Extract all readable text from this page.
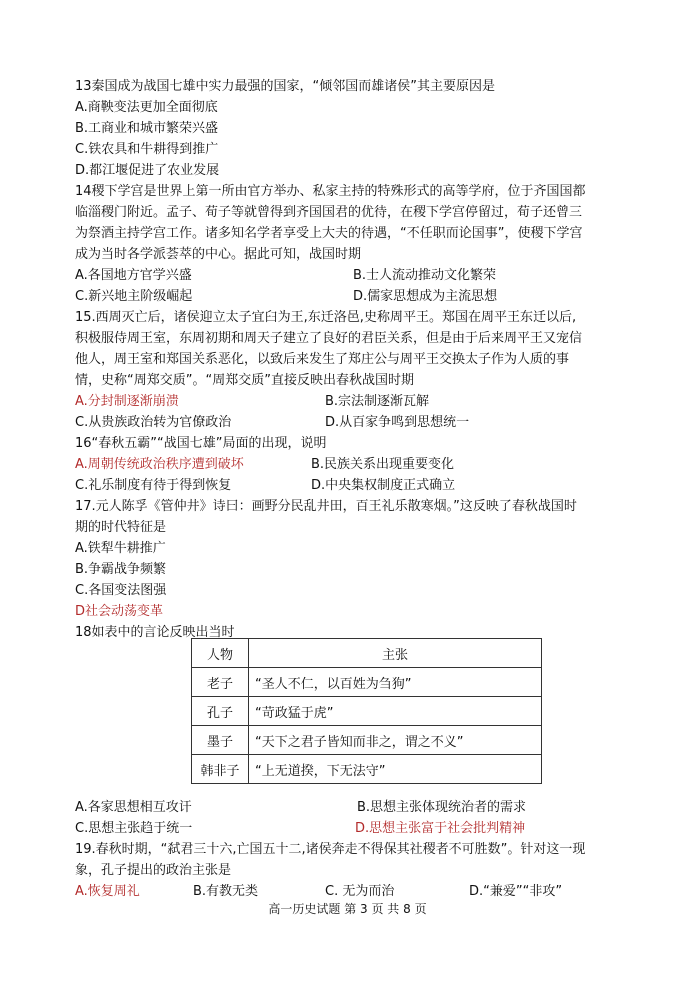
13秦国成为战国七雄中实力最强的国家，“倾邻国而雄诸侯”其主要原因是
A.商鞅变法更加全面彻底
B.工商业和城市繁荣兴盛
C.铁农具和牛耕得到推广
D.都江堰促进了农业发展
14稷下学宫是世界上第一所由官方举办、私家主持的特殊形式的高等学府，位于齐国国都
临淄稷门附近。孟子、荀子等就曾得到齐国国君的优待，在稷下学宫停留过，荀子还曾三
为祭酒主持学宫工作。诸多知名学者享受上大夫的待遇，“不任职而论国事”，使稷下学宫
成为当时各学派荟萃的中心。据此可知，战国时期
A.各国地方官学兴盛	B.士人流动推动文化繁荣
C.新兴地主阶级崛起	D.儒家思想成为主流思想
15.西周灭亡后，诸侯迎立太子宜臼为王,东迁洛邑,史称周平王。郑国在周平王东迁以后,
积极服侍周王室，东周初期和周天子建立了良好的君臣关系，但是由于后来周平王又宠信
他人，周王室和郑国关系恶化，以致后来发生了郑庄公与周平王交换太子作为人质的事
情，史称“周郑交质”。“周郑交质”直接反映出春秋战国时期
A.分封制逐渐崩溃	B.宗法制逐渐瓦解
C.从贵族政治转为官僚政治	D.从百家争鸣到思想统一
16“春秋五霸”“战国七雄”局面的出现，说明
A.周朝传统政治秩序遭到破坏	B.民族关系出现重要变化
C.礼乐制度有待于得到恢复	D.中央集权制度正式确立
17.元人陈孚《管仲井》诗曰：画野分民乱井田，百王礼乐散寒烟。”这反映了春秋战国时
期的时代特征是
A.铁犁牛耕推广
B.争霸战争频繁
C.各国变法图强
D社会动荡变革
18如表中的言论反映出当时
人物	主张
老子	“圣人不仁，以百姓为刍狗”
孔子	“苛政猛于虎”
墨子	“天下之君子皆知而非之，谓之不义”
韩非子	“上无道揆，下无法守”
A.各家思想相互攻讦	B.思想主张体现统治者的需求
C.思想主张趋于统一	D.思想主张富于社会批判精神
19.春秋时期，“弑君三十六,亡国五十二,诸侯奔走不得保其社稷者不可胜数”。针对这一现
象，孔子提出的政治主张是
A.恢复周礼	B.有教无类	C. 无为而治	D.“兼爱”“非攻”
高一历史试题 第 3 页 共 8 页
